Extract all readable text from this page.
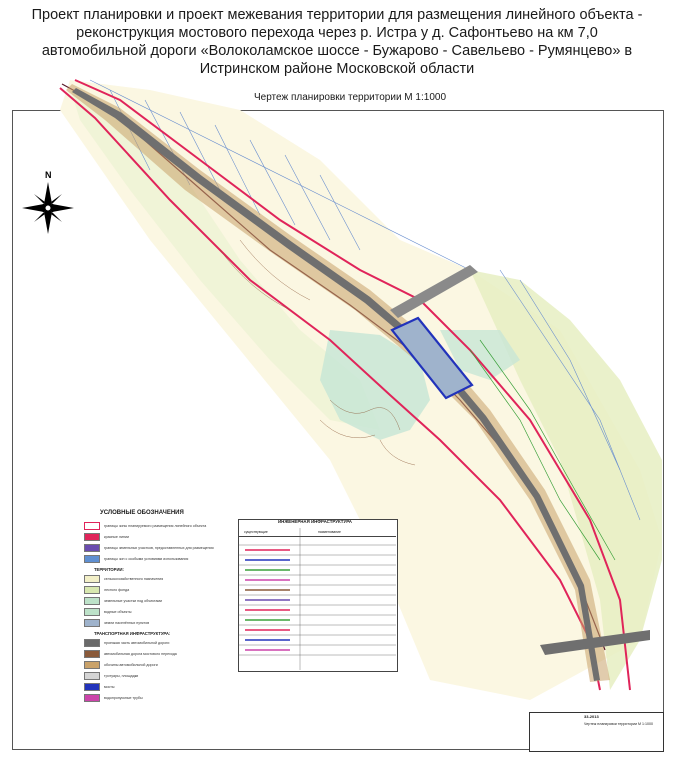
Проект планировки и проект межевания территории для размещения линейного объекта -
реконструкция мостового перехода через р. Истра у д. Сафонтьево на км 7,0
автомобильной дороги «Волоколамское шоссе - Бужарово - Савельево - Румянцево» в
Истринском районе Московской области
Чертеж планировки территории М 1:1000
N
УСЛОВНЫЕ ОБОЗНАЧЕНИЯ
границы зоны планируемого размещения линейного объекта
красные линии
границы земельных участков, предоставленных для размещения
границы зон с особыми условиями использования
ТЕРРИТОРИИ:
сельскохозяйственного назначения
лесного фонда
земельные участки под объектами
водные объекты
земли населённых пунктов
ТРАНСПОРТНАЯ ИНФРАСТРУКТУРА:
проезжая часть автомобильной дороги
автомобильная дорога мостового перехода
обочины автомобильной дороги
тротуары, площадки
мосты
водопропускные трубы
ИНЖЕНЕРНАЯ ИНФРАСТРУКТУРА
существующие	наименование
33-2013
Чертеж планировки территории М 1:1000
